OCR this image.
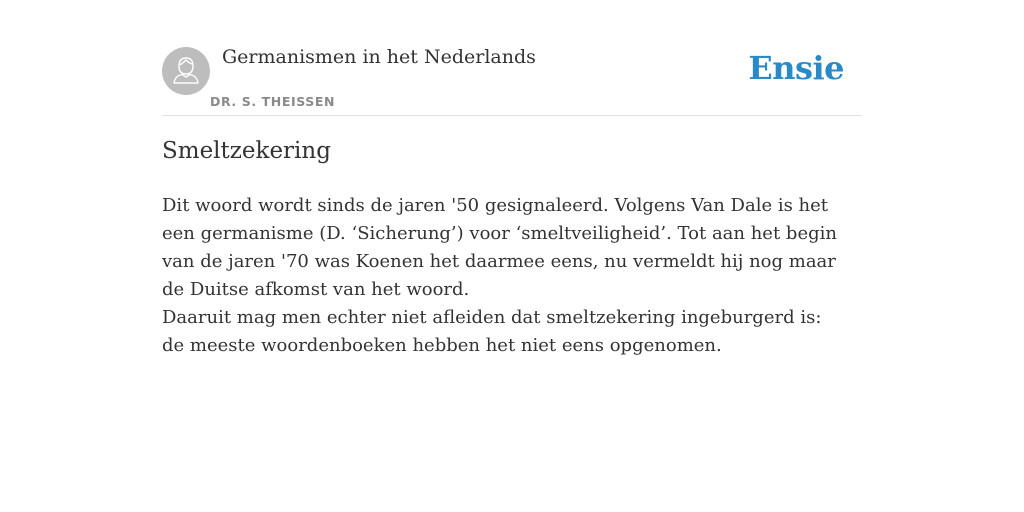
Germanismen in het Nederlands
DR. S. THEISSEN
Ensie
Smeltzekering

Dit woord wordt sinds de jaren '50 gesignaleerd. Volgens Van Dale is het een germanisme (D. ‘Sicherung’) voor ‘smeltveiligheid’. Tot aan het begin van de jaren '70 was Koenen het daarmee eens, nu vermeldt hij nog maar de Duitse afkomst van het woord.

Daaruit mag men echter niet afleiden dat smeltzekering ingeburgerd is: de meeste woordenboeken hebben het niet eens opgenomen.
